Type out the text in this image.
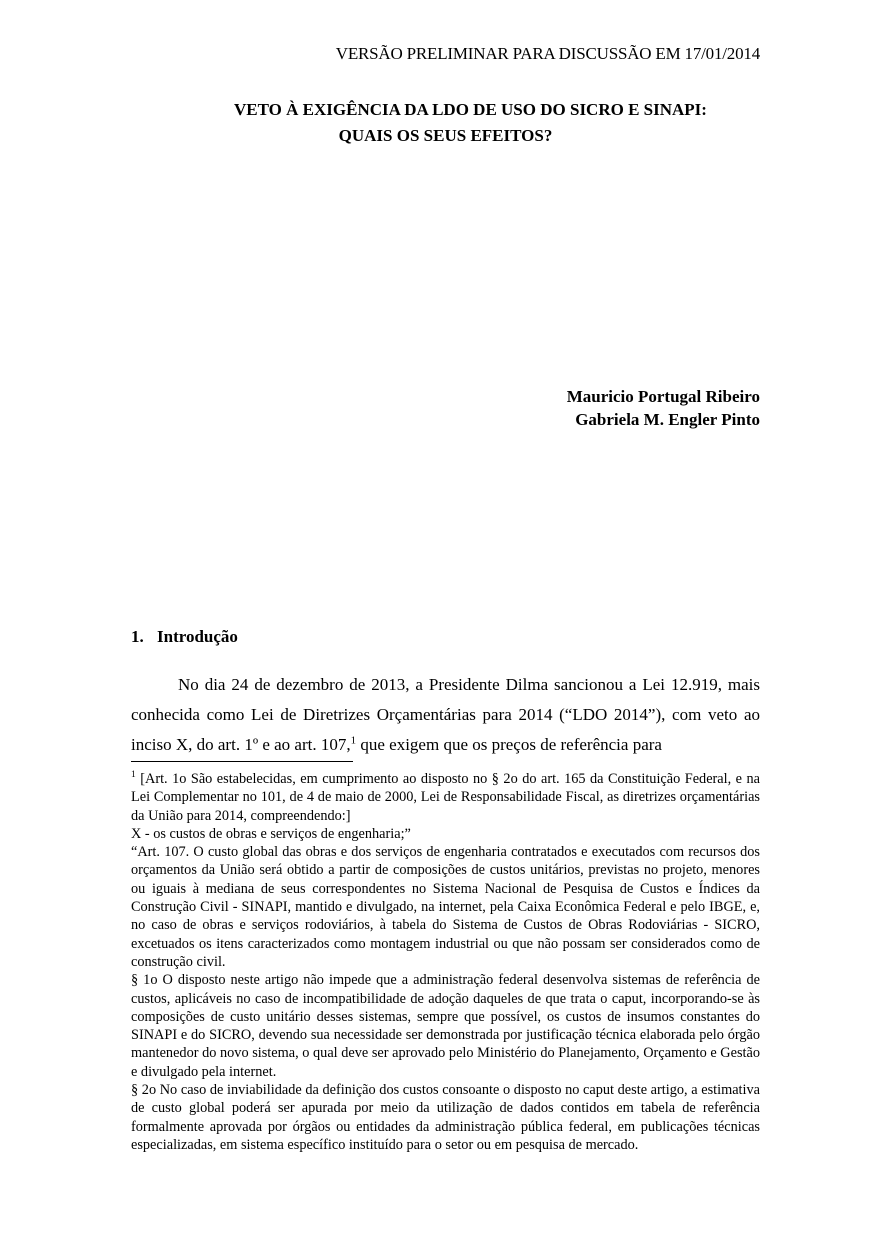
VERSÃO PRELIMINAR PARA DISCUSSÃO EM 17/01/2014
VETO À EXIGÊNCIA DA LDO DE USO DO SICRO E SINAPI:
QUAIS OS SEUS EFEITOS?
Mauricio Portugal Ribeiro
Gabriela M. Engler Pinto
1. Introdução

No dia 24 de dezembro de 2013, a Presidente Dilma sancionou a Lei 12.919, mais conhecida como Lei de Diretrizes Orçamentárias para 2014 (“LDO 2014”), com veto ao inciso X, do art. 1º e ao art. 107,$^1$ que exigem que os preços de referência para

$^1$ [Art. 1o São estabelecidas, em cumprimento ao disposto no § 2o do art. 165 da Constituição Federal, e na Lei Complementar no 101, de 4 de maio de 2000, Lei de Responsabilidade Fiscal, as diretrizes orçamentárias da União para 2014, compreendendo:]

X - os custos de obras e serviços de engenharia;”

“Art. 107. O custo global das obras e dos serviços de engenharia contratados e executados com recursos dos orçamentos da União será obtido a partir de composições de custos unitários, previstas no projeto, menores ou iguais à mediana de seus correspondentes no Sistema Nacional de Pesquisa de Custos e Índices da Construção Civil - SINAPI, mantido e divulgado, na internet, pela Caixa Econômica Federal e pelo IBGE, e, no caso de obras e serviços rodoviários, à tabela do Sistema de Custos de Obras Rodoviárias - SICRO, excetuados os itens caracterizados como montagem industrial ou que não possam ser considerados como de construção civil.

§ 1o O disposto neste artigo não impede que a administração federal desenvolva sistemas de referência de custos, aplicáveis no caso de incompatibilidade de adoção daqueles de que trata o caput, incorporando-se às composições de custo unitário desses sistemas, sempre que possível, os custos de insumos constantes do SINAPI e do SICRO, devendo sua necessidade ser demonstrada por justificação técnica elaborada pelo órgão mantenedor do novo sistema, o qual deve ser aprovado pelo Ministério do Planejamento, Orçamento e Gestão e divulgado pela internet.

§ 2o No caso de inviabilidade da definição dos custos consoante o disposto no caput deste artigo, a estimativa de custo global poderá ser apurada por meio da utilização de dados contidos em tabela de referência formalmente aprovada por órgãos ou entidades da administração pública federal, em publicações técnicas especializadas, em sistema específico instituído para o setor ou em pesquisa de mercado.
